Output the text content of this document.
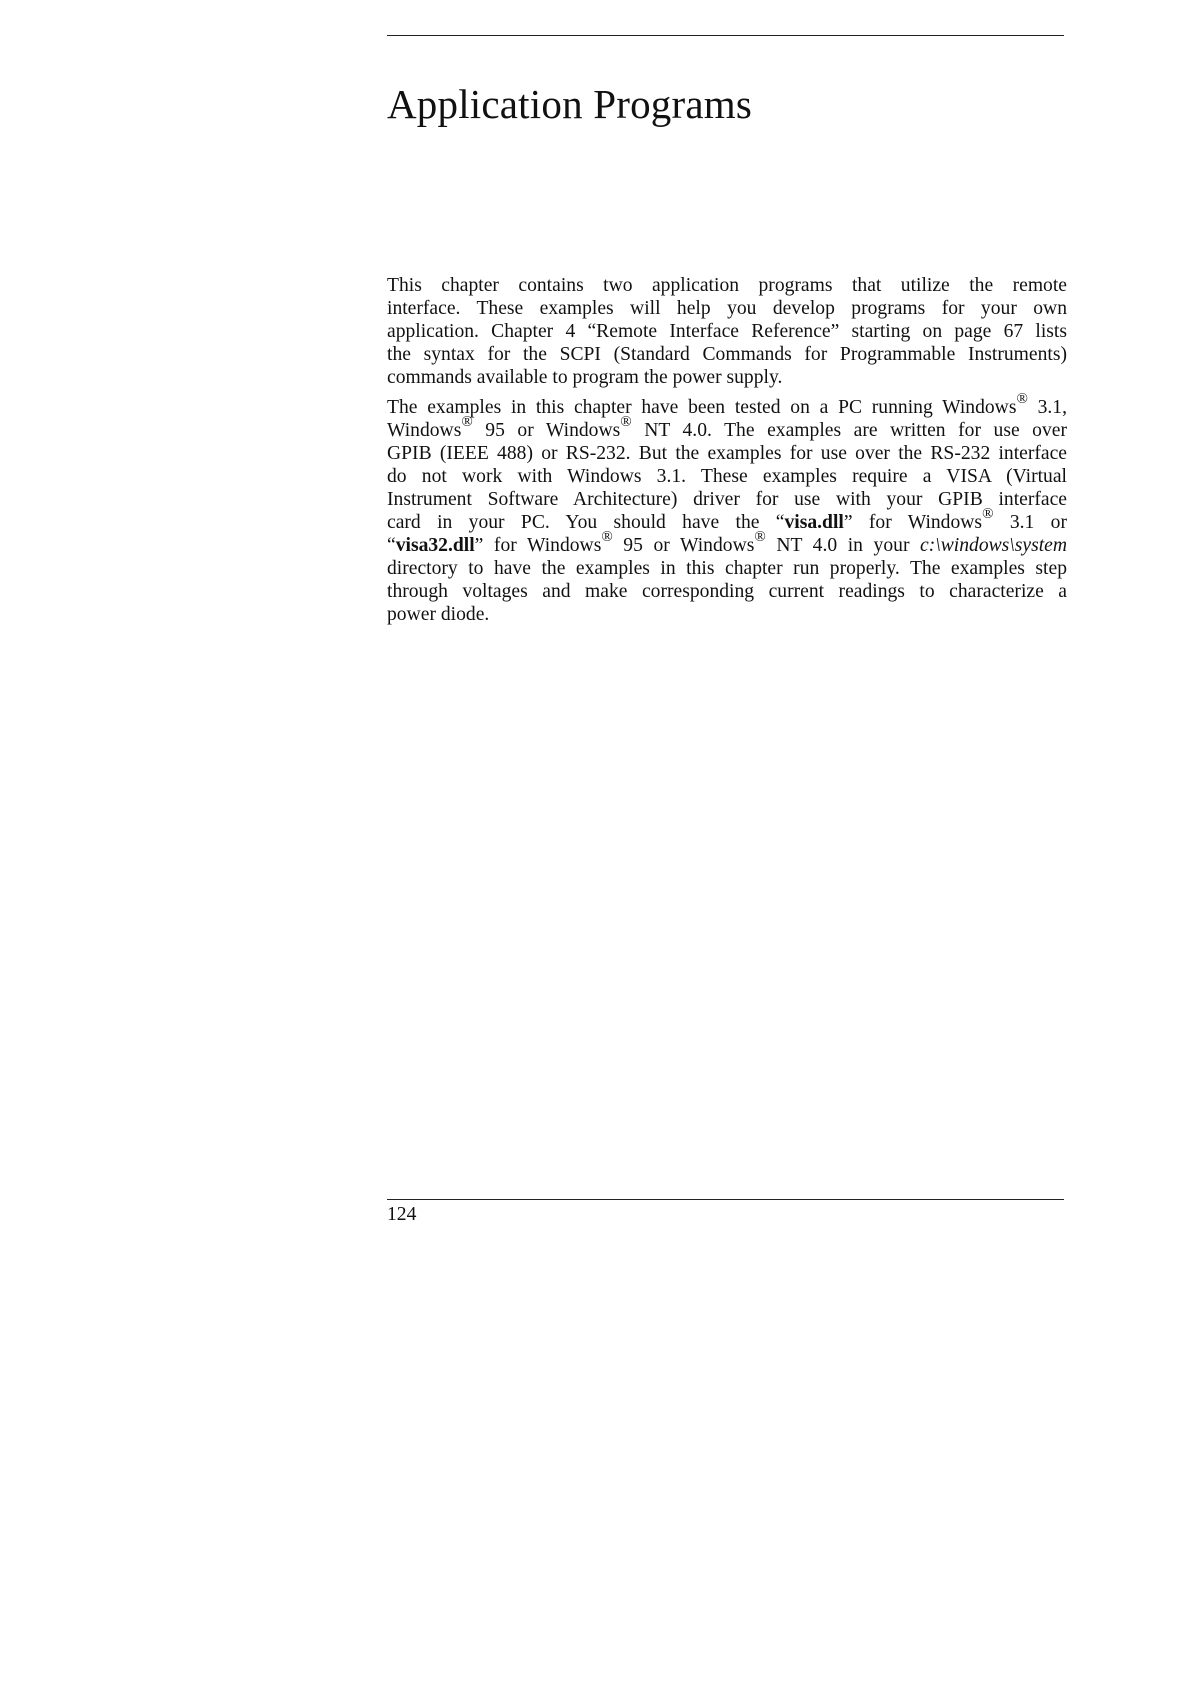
Application Programs

This chapter contains two application programs that utilize the remote
interface. These examples will help you develop programs for your own
application. Chapter 4 “Remote Interface Reference” starting on page 67 lists
the syntax for the SCPI (Standard Commands for Programmable Instruments)
commands available to program the power supply.

The examples in this chapter have been tested on a PC running Windows® 3.1,
Windows® 95 or Windows® NT 4.0. The examples are written for use over
GPIB (IEEE 488) or RS-232. But the examples for use over the RS-232 interface
do not work with Windows 3.1. These examples require a VISA (Virtual
Instrument Software Architecture) driver for use with your GPIB interface
card in your PC. You should have the “visa.dll” for Windows® 3.1 or
“visa32.dll” for Windows® 95 or Windows® NT 4.0 in your c:\windows\system
directory to have the examples in this chapter run properly. The examples step
through voltages and make corresponding current readings to characterize a
power diode.

124
